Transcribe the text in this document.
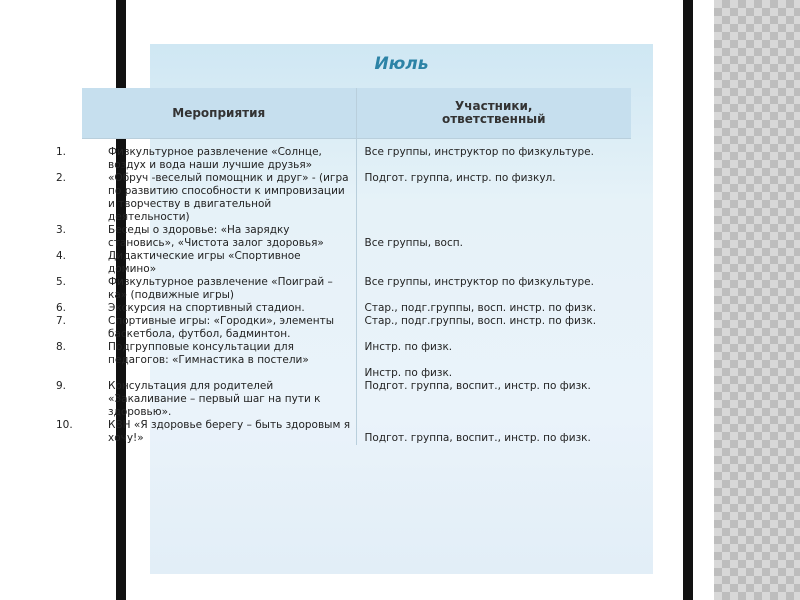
Июль
Мероприятия	Участники,
ответственный

1. Физкультурное развлечение «Солнце, воздух и вода наши лучшие друзья»	Все группы, инструктор по физкультуре.

2. «Обруч -веселый помощник и друг» - (игра по развитию способности к импровизации и творчеству в двигательной деятельности)	Подгот. группа, инстр. по физкул.

3. Беседы о здоровье: «На зарядку становись», «Чистота залог здоровья»	Все группы, восп.

4. Дидактические игры «Спортивное домино»	

5. Физкультурное развлечение «Поиграй –ка» (подвижные игры)	Все группы, инструктор по физкультуре.

6. Экскурсия на спортивный стадион.	Стар., подг.группы, восп. инстр. по физк.

7. Спортивные игры: «Городки», элементы баскетбола, футбол, бадминтон.	Стар., подг.группы, восп. инстр. по физк.

8. Подгрупповые консультации для педагогов: «Гимнастика в постели»	Инстр. по физк.

	Инстр. по физк.

9. Консультация для родителей «Закаливание – первый шаг на пути к здоровью».	Подгот. группа, воспит., инстр. по физк.

10. КВН «Я здоровье берегу – быть здоровым я хочу!»	Подгот. группа, воспит., инстр. по физк.
